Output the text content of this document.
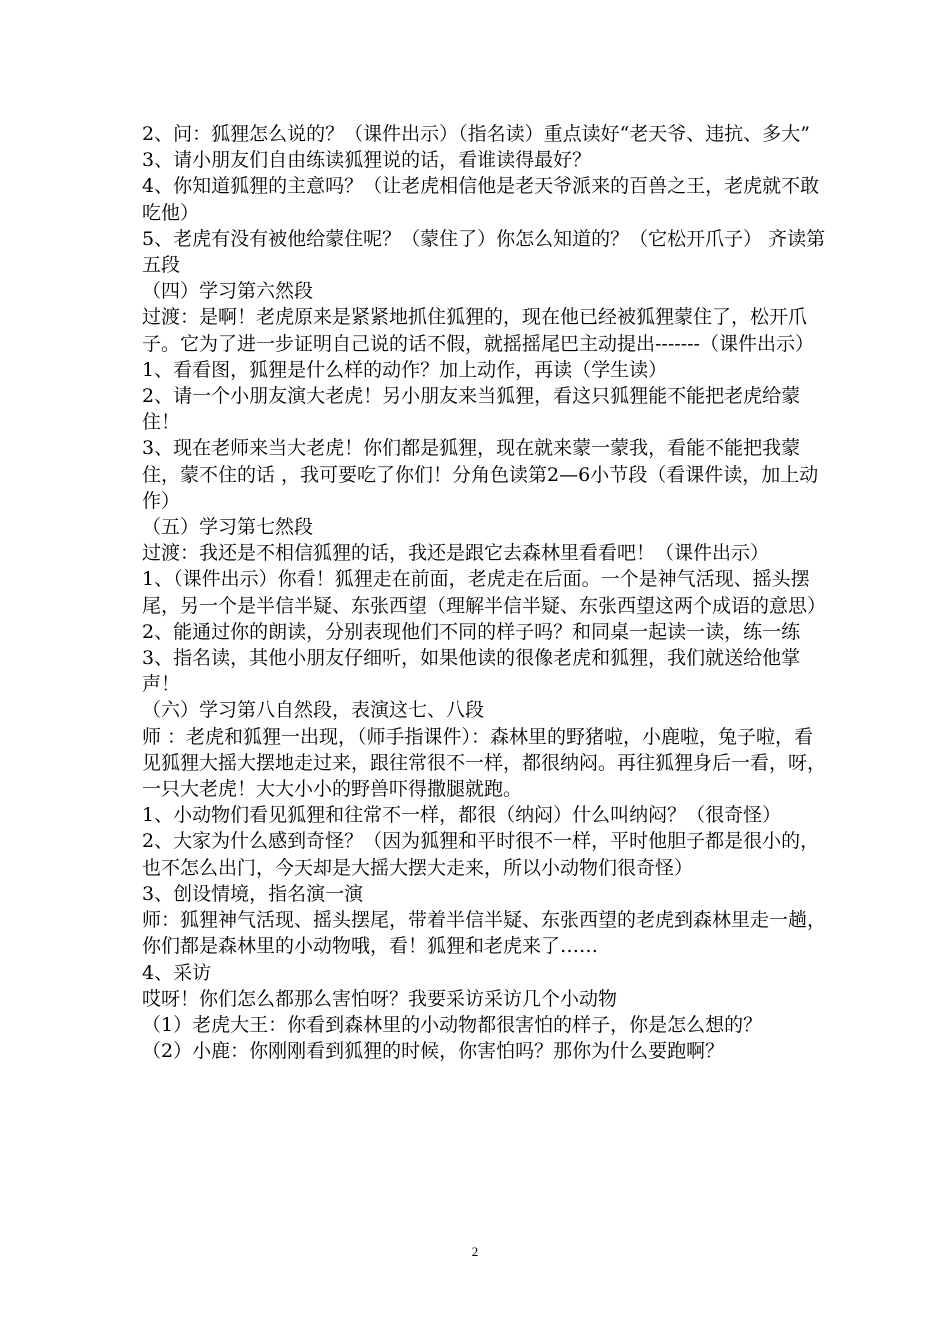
2、问：狐狸怎么说的？（课件出示）（指名读）重点读好“老天爷、违抗、多大”

3、请小朋友们自由练读狐狸说的话，看谁读得最好？

4、你知道狐狸的主意吗？（让老虎相信他是老天爷派来的百兽之王，老虎就不敢吃他）

5、老虎有没有被他给蒙住呢？（蒙住了）你怎么知道的？（它松开爪子） 齐读第五段

（四）学习第六然段

过渡：是啊！老虎原来是紧紧地抓住狐狸的，现在他已经被狐狸蒙住了，松开爪子。它为了进一步证明自己说的话不假，就摇摇尾巴主动提出-------（课件出示）

1、看看图，狐狸是什么样的动作？加上动作，再读（学生读）

2、请一个小朋友演大老虎！另小朋友来当狐狸，看这只狐狸能不能把老虎给蒙住！

3、现在老师来当大老虎！你们都是狐狸，现在就来蒙一蒙我，看能不能把我蒙住，蒙不住的话 ，我可要吃了你们！分角色读第2—6小节段（看课件读，加上动作）

（五）学习第七然段

过渡：我还是不相信狐狸的话，我还是跟它去森林里看看吧！（课件出示）

1、（课件出示）你看！狐狸走在前面，老虎走在后面。一个是神气活现、摇头摆尾，另一个是半信半疑、东张西望（理解半信半疑、东张西望这两个成语的意思）

2、能通过你的朗读，分别表现他们不同的样子吗？和同桌一起读一读，练一练

3、指名读，其他小朋友仔细听，如果他读的很像老虎和狐狸，我们就送给他掌声！

（六）学习第八自然段，表演这七、八段

师 ：老虎和狐狸一出现，（师手指课件）：森林里的野猪啦，小鹿啦，兔子啦，看见狐狸大摇大摆地走过来，跟往常很不一样，都很纳闷。再往狐狸身后一看，呀，一只大老虎！大大小小的野兽吓得撒腿就跑。

1、小动物们看见狐狸和往常不一样，都很（纳闷）什么叫纳闷？（很奇怪）

2、大家为什么感到奇怪？（因为狐狸和平时很不一样，平时他胆子都是很小的，也不怎么出门，今天却是大摇大摆大走来，所以小动物们很奇怪）

3、创设情境，指名演一演

师：狐狸神气活现、摇头摆尾，带着半信半疑、东张西望的老虎到森林里走一趟，你们都是森林里的小动物哦，看！狐狸和老虎来了……

4、采访

哎呀！你们怎么都那么害怕呀？我要采访采访几个小动物

（1）老虎大王：你看到森林里的小动物都很害怕的样子，你是怎么想的？

（2）小鹿：你刚刚看到狐狸的时候，你害怕吗？那你为什么要跑啊？

2
